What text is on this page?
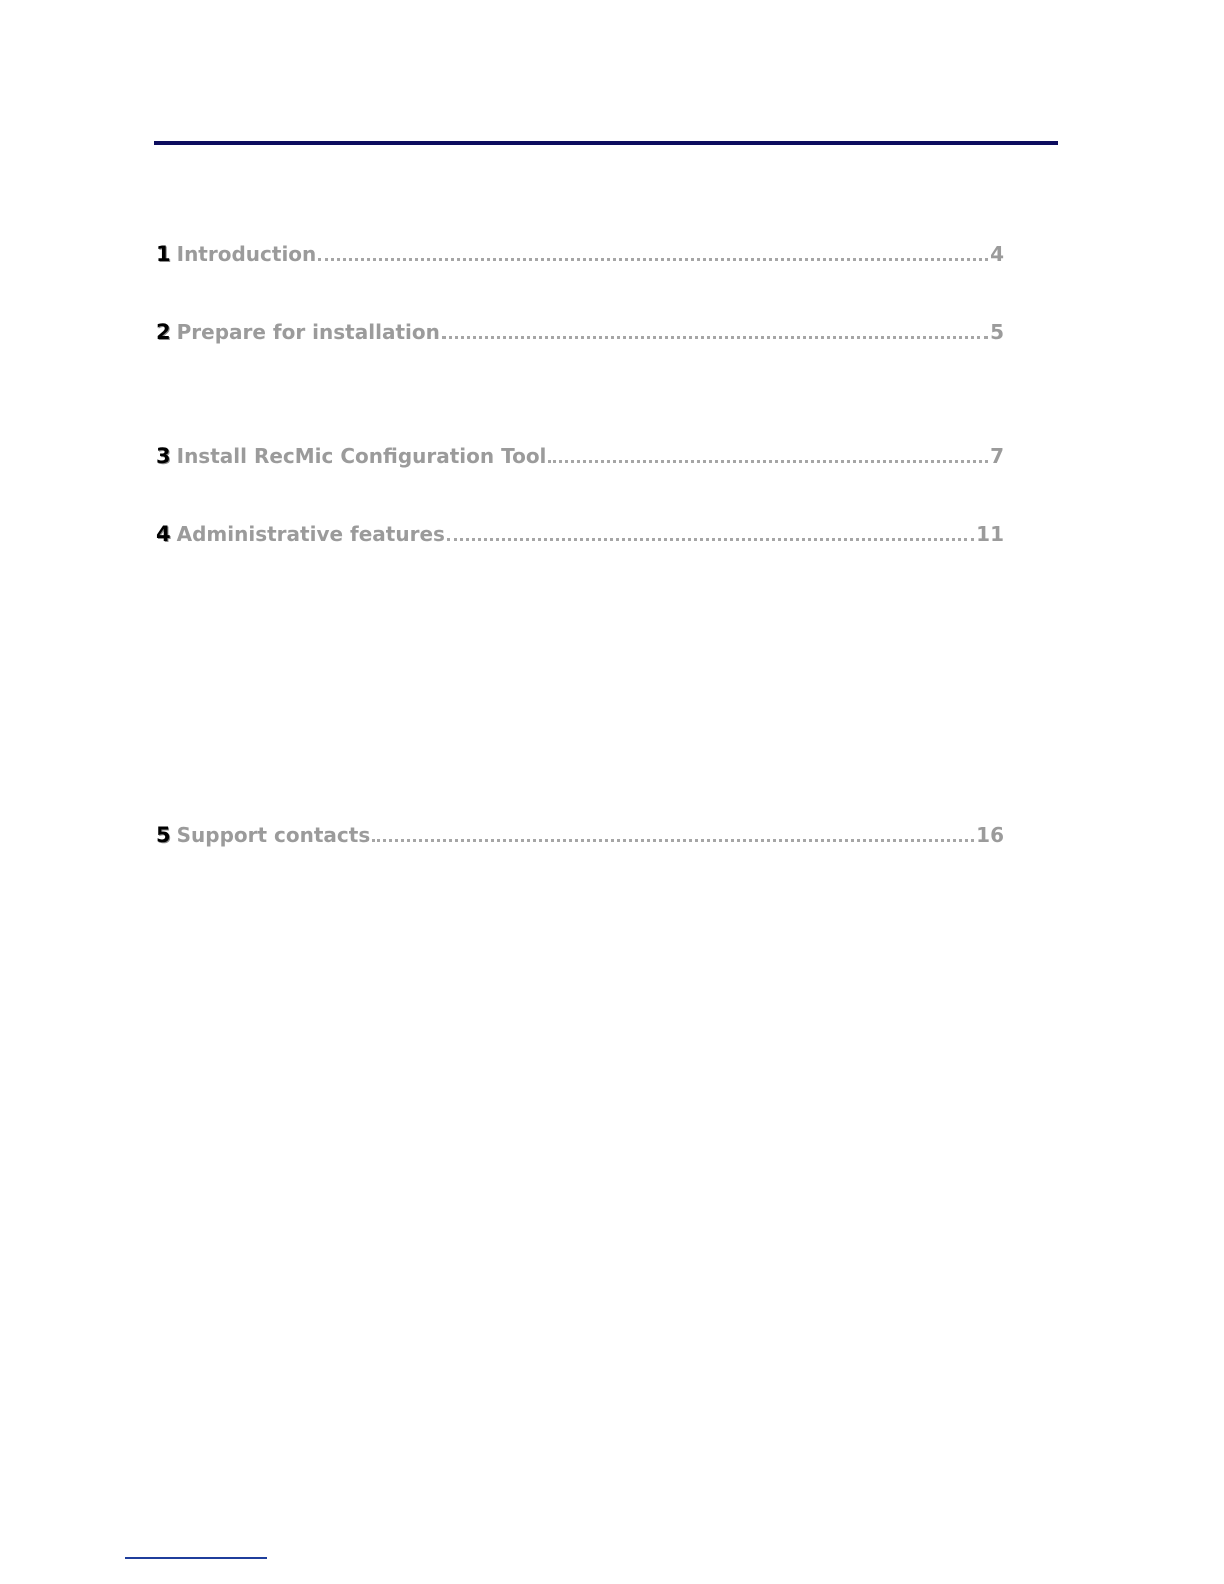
1 Introduction	4
2 Prepare for installation	5
3 Install RecMic Configuration Tool	7
4 Administrative features	11
5 Support contacts	16
